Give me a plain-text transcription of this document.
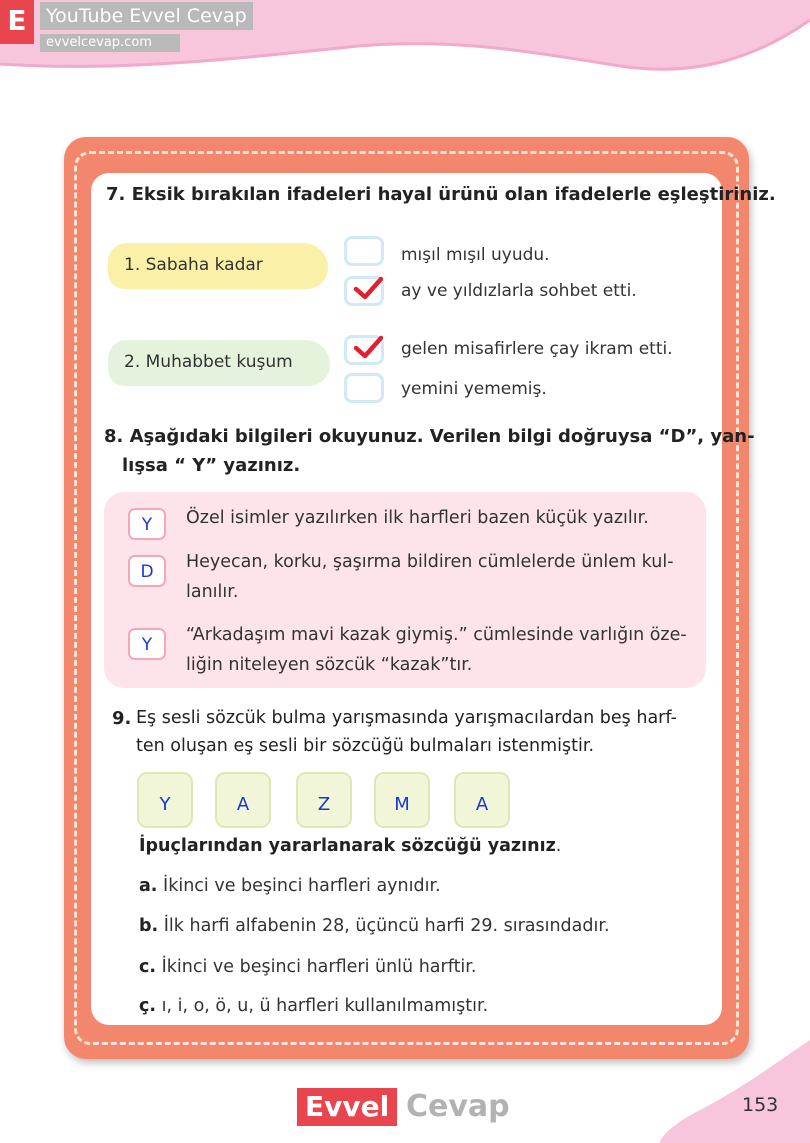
E	YouTube Evvel Cevap
evvelcevap.com
7. Eksik bırakılan ifadeleri hayal ürünü olan ifadelerle eşleştiriniz.
1. Sabaha kadar
2. Muhabbet kuşum
mışıl mışıl uyudu.
ay ve yıldızlarla sohbet etti.
gelen misafirlere çay ikram etti.
yemini yememiş.
8. Aşağıdaki bilgileri okuyunuz. Verilen bilgi doğruysa “D”, yan-
lışsa “ Y” yazınız.
Y	Özel isimler yazılırken ilk harfleri bazen küçük yazılır.
D	Heyecan, korku, şaşırma bildiren cümlelerde ünlem kul-
lanılır.
Y	“Arkadaşım mavi kazak giymiş.” cümlesinde varlığın öze-
liğin niteleyen sözcük “kazak”tır.
9. Eş sesli sözcük bulma yarışmasında yarışmacılardan beş harf-
ten oluşan eş sesli bir sözcüğü bulmaları istenmiştir.
Y	A	Z	M	A
İpuçlarından yararlanarak sözcüğü yazınız.
a. İkinci ve beşinci harfleri aynıdır.
b. İlk harfi alfabenin 28, üçüncü harfi 29. sırasındadır.
c. İkinci ve beşinci harfleri ünlü harftir.
ç. ı, i, o, ö, u, ü harfleri kullanılmamıştır.
Evvel Cevap	153
